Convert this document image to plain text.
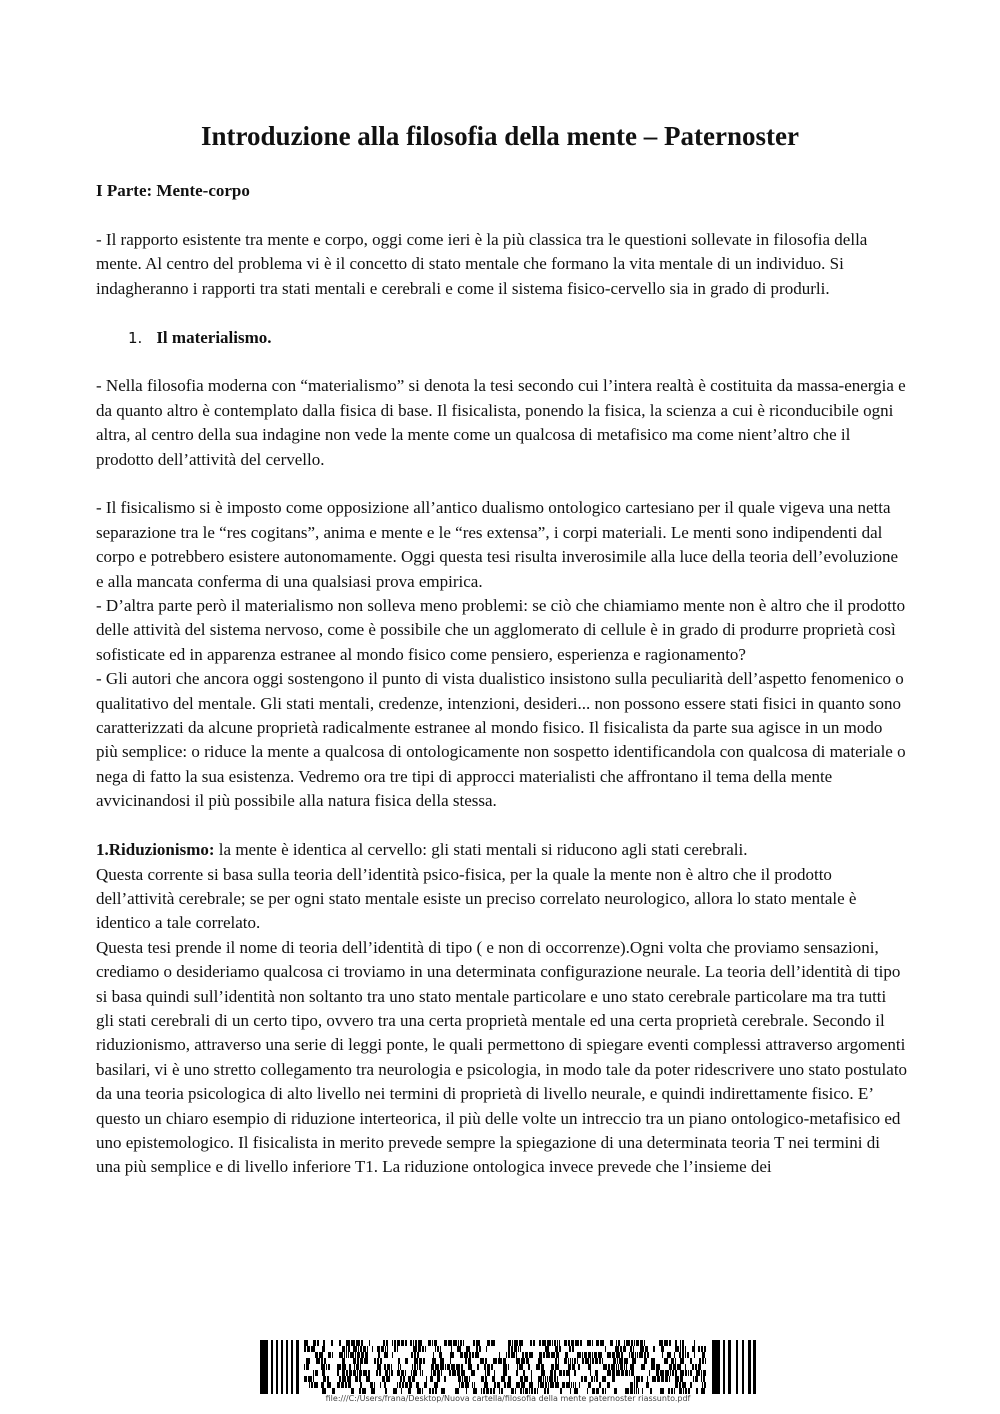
Introduzione alla filosofia della mente – Paternoster
I Parte: Mente-corpo

- Il rapporto esistente tra mente e corpo, oggi come ieri è la più classica tra le questioni sollevate in filosofia della mente. Al centro del problema vi è il concetto di stato mentale che formano la vita mentale di un individuo. Si indagheranno i rapporti tra stati mentali e cerebrali e come il sistema fisico-cervello sia in grado di produrli.

1. Il materialismo.

- Nella filosofia moderna con “materialismo” si denota la tesi secondo cui l’intera realtà è costituita da massa-energia e da quanto altro è contemplato dalla fisica di base. Il fisicalista, ponendo la fisica, la scienza a cui è riconducibile ogni altra, al centro della sua indagine non vede la mente come un qualcosa di metafisico ma come nient’altro che il prodotto dell’attività del cervello.

- Il fisicalismo si è imposto come opposizione all’antico dualismo ontologico cartesiano per il quale vigeva una netta separazione tra le “res cogitans”, anima e mente e le “res extensa”, i corpi materiali. Le menti sono indipendenti dal corpo e potrebbero esistere autonomamente. Oggi questa tesi risulta inverosimile alla luce della teoria dell’evoluzione e alla mancata conferma di una qualsiasi prova empirica.

- D’altra parte però il materialismo non solleva meno problemi: se ciò che chiamiamo mente non è altro che il prodotto delle attività del sistema nervoso, come è possibile che un agglomerato di cellule è in grado di produrre proprietà così sofisticate ed in apparenza estranee al mondo fisico come pensiero, esperienza e ragionamento?

- Gli autori che ancora oggi sostengono il punto di vista dualistico insistono sulla peculiarità dell’aspetto fenomenico o qualitativo del mentale. Gli stati mentali, credenze, intenzioni, desideri... non possono essere stati fisici in quanto sono caratterizzati da alcune proprietà radicalmente estranee al mondo fisico. Il fisicalista da parte sua agisce in un modo più semplice: o riduce la mente a qualcosa di ontologicamente non sospetto identificandola con qualcosa di materiale o nega di fatto la sua esistenza. Vedremo ora tre tipi di approcci materialisti che affrontano il tema della mente avvicinandosi il più possibile alla natura fisica della stessa.

1.Riduzionismo: la mente è identica al cervello: gli stati mentali si riducono agli stati cerebrali.

Questa corrente si basa sulla teoria dell’identità psico-fisica, per la quale la mente non è altro che il prodotto dell’attività cerebrale; se per ogni stato mentale esiste un preciso correlato neurologico, allora lo stato mentale è identico a tale correlato.

Questa tesi prende il nome di teoria dell’identità di tipo ( e non di occorrenze).Ogni volta che proviamo sensazioni, crediamo o desideriamo qualcosa ci troviamo in una determinata configurazione neurale. La teoria dell’identità di tipo si basa quindi sull’identità non soltanto tra uno stato mentale particolare e uno stato cerebrale particolare ma tra tutti gli stati cerebrali di un certo tipo, ovvero tra una certa proprietà mentale ed una certa proprietà cerebrale. Secondo il riduzionismo, attraverso una serie di leggi ponte, le quali permettono di spiegare eventi complessi attraverso argomenti basilari, vi è uno stretto collegamento tra neurologia e psicologia, in modo tale da poter ridescrivere uno stato postulato da una teoria psicologica di alto livello nei termini di proprietà di livello neurale, e quindi indirettamente fisico. E’ questo un chiaro esempio di riduzione interteorica, il più delle volte un intreccio tra un piano ontologico-metafisico ed uno epistemologico. Il fisicalista in merito prevede sempre la spiegazione di una determinata teoria T nei termini di una più semplice e di livello inferiore T1. La riduzione ontologica invece prevede che l’insieme dei

file:///C:/Users/frana/Desktop/Nuova cartella/filosofia della mente paternoster riassunto.pdf
